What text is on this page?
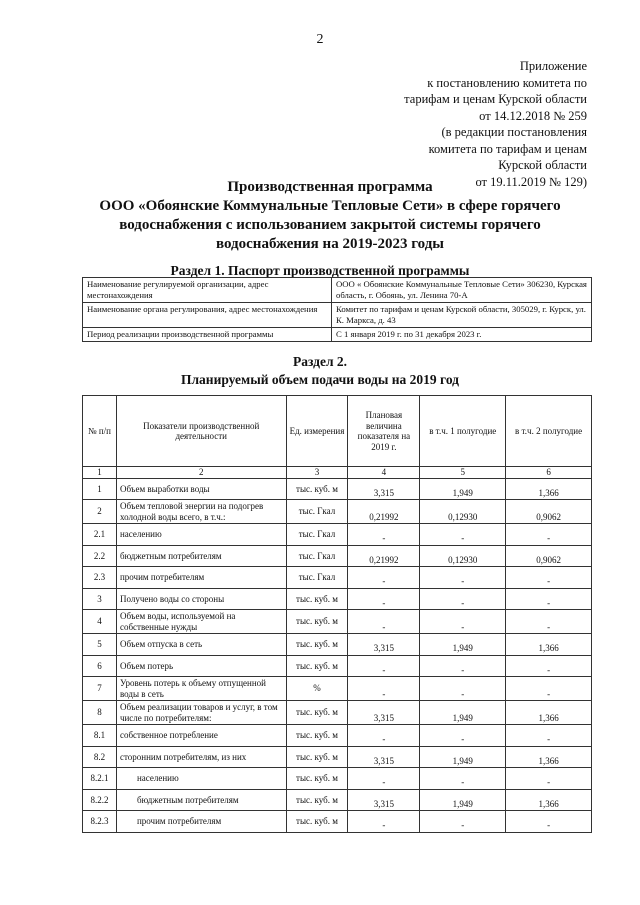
2
Приложение
к постановлению комитета по
тарифам и ценам Курской области
от 14.12.2018 № 259
(в редакции постановления
комитета по тарифам и ценам
Курской области
от 19.11.2019 № 129)
Производственная программа
ООО «Обоянские Коммунальные Тепловые Сети» в сфере горячего
водоснабжения с использованием закрытой системы горячего
водоснабжения на 2019-2023 годы
Раздел 1. Паспорт производственной программы
Наименование регулируемой организации, адрес местонахождения	ООО « Обоянские Коммунальные Тепловые Сети» 306230, Курская область, г. Обоянь, ул. Ленина 70-А
Наименование органа регулирования, адрес местонахождения	Комитет по тарифам и ценам Курской области, 305029, г. Курск, ул. К. Маркса, д. 43
Период реализации производственной программы	С 1 января 2019 г. по 31 декабря 2023 г.
Раздел 2.
Планируемый объем подачи воды на 2019 год
№ п/п	Показатели производственной деятельности	Ед. измерения	Плановая величина показателя на 2019 г.	в т.ч. 1 полугодие	в т.ч. 2 полугодие
1	2	3	4	5	6
1	Объем выработки воды	тыс. куб. м	3,315	1,949	1,366
2	Объем тепловой энергии на подогрев холодной воды всего, в т.ч.:	тыс. Гкал	0,21992	0,12930	0,9062
2.1	населению	тыс. Гкал	-	-	-
2.2	бюджетным потребителям	тыс. Гкал	0,21992	0,12930	0,9062
2.3	прочим потребителям	тыс. Гкал	-	-	-
3	Получено воды со стороны	тыс. куб. м	-	-	-
4	Объем воды, используемой на собственные нужды	тыс. куб. м	-	-	-
5	Объем отпуска в сеть	тыс. куб. м	3,315	1,949	1,366
6	Объем потерь	тыс. куб. м	-	-	-
7	Уровень потерь к объему отпущенной воды в сеть	%	-	-	-
8	Объем реализации товаров и услуг, в том числе по потребителям:	тыс. куб. м	3,315	1,949	1,366
8.1	собственное потребление	тыс. куб. м	-	-	-
8.2	сторонним потребителям, из них	тыс. куб. м	3,315	1,949	1,366
8.2.1	населению	тыс. куб. м	-	-	-
8.2.2	бюджетным потребителям	тыс. куб. м	3,315	1,949	1,366
8.2.3	прочим потребителям	тыс. куб. м	-	-	-
